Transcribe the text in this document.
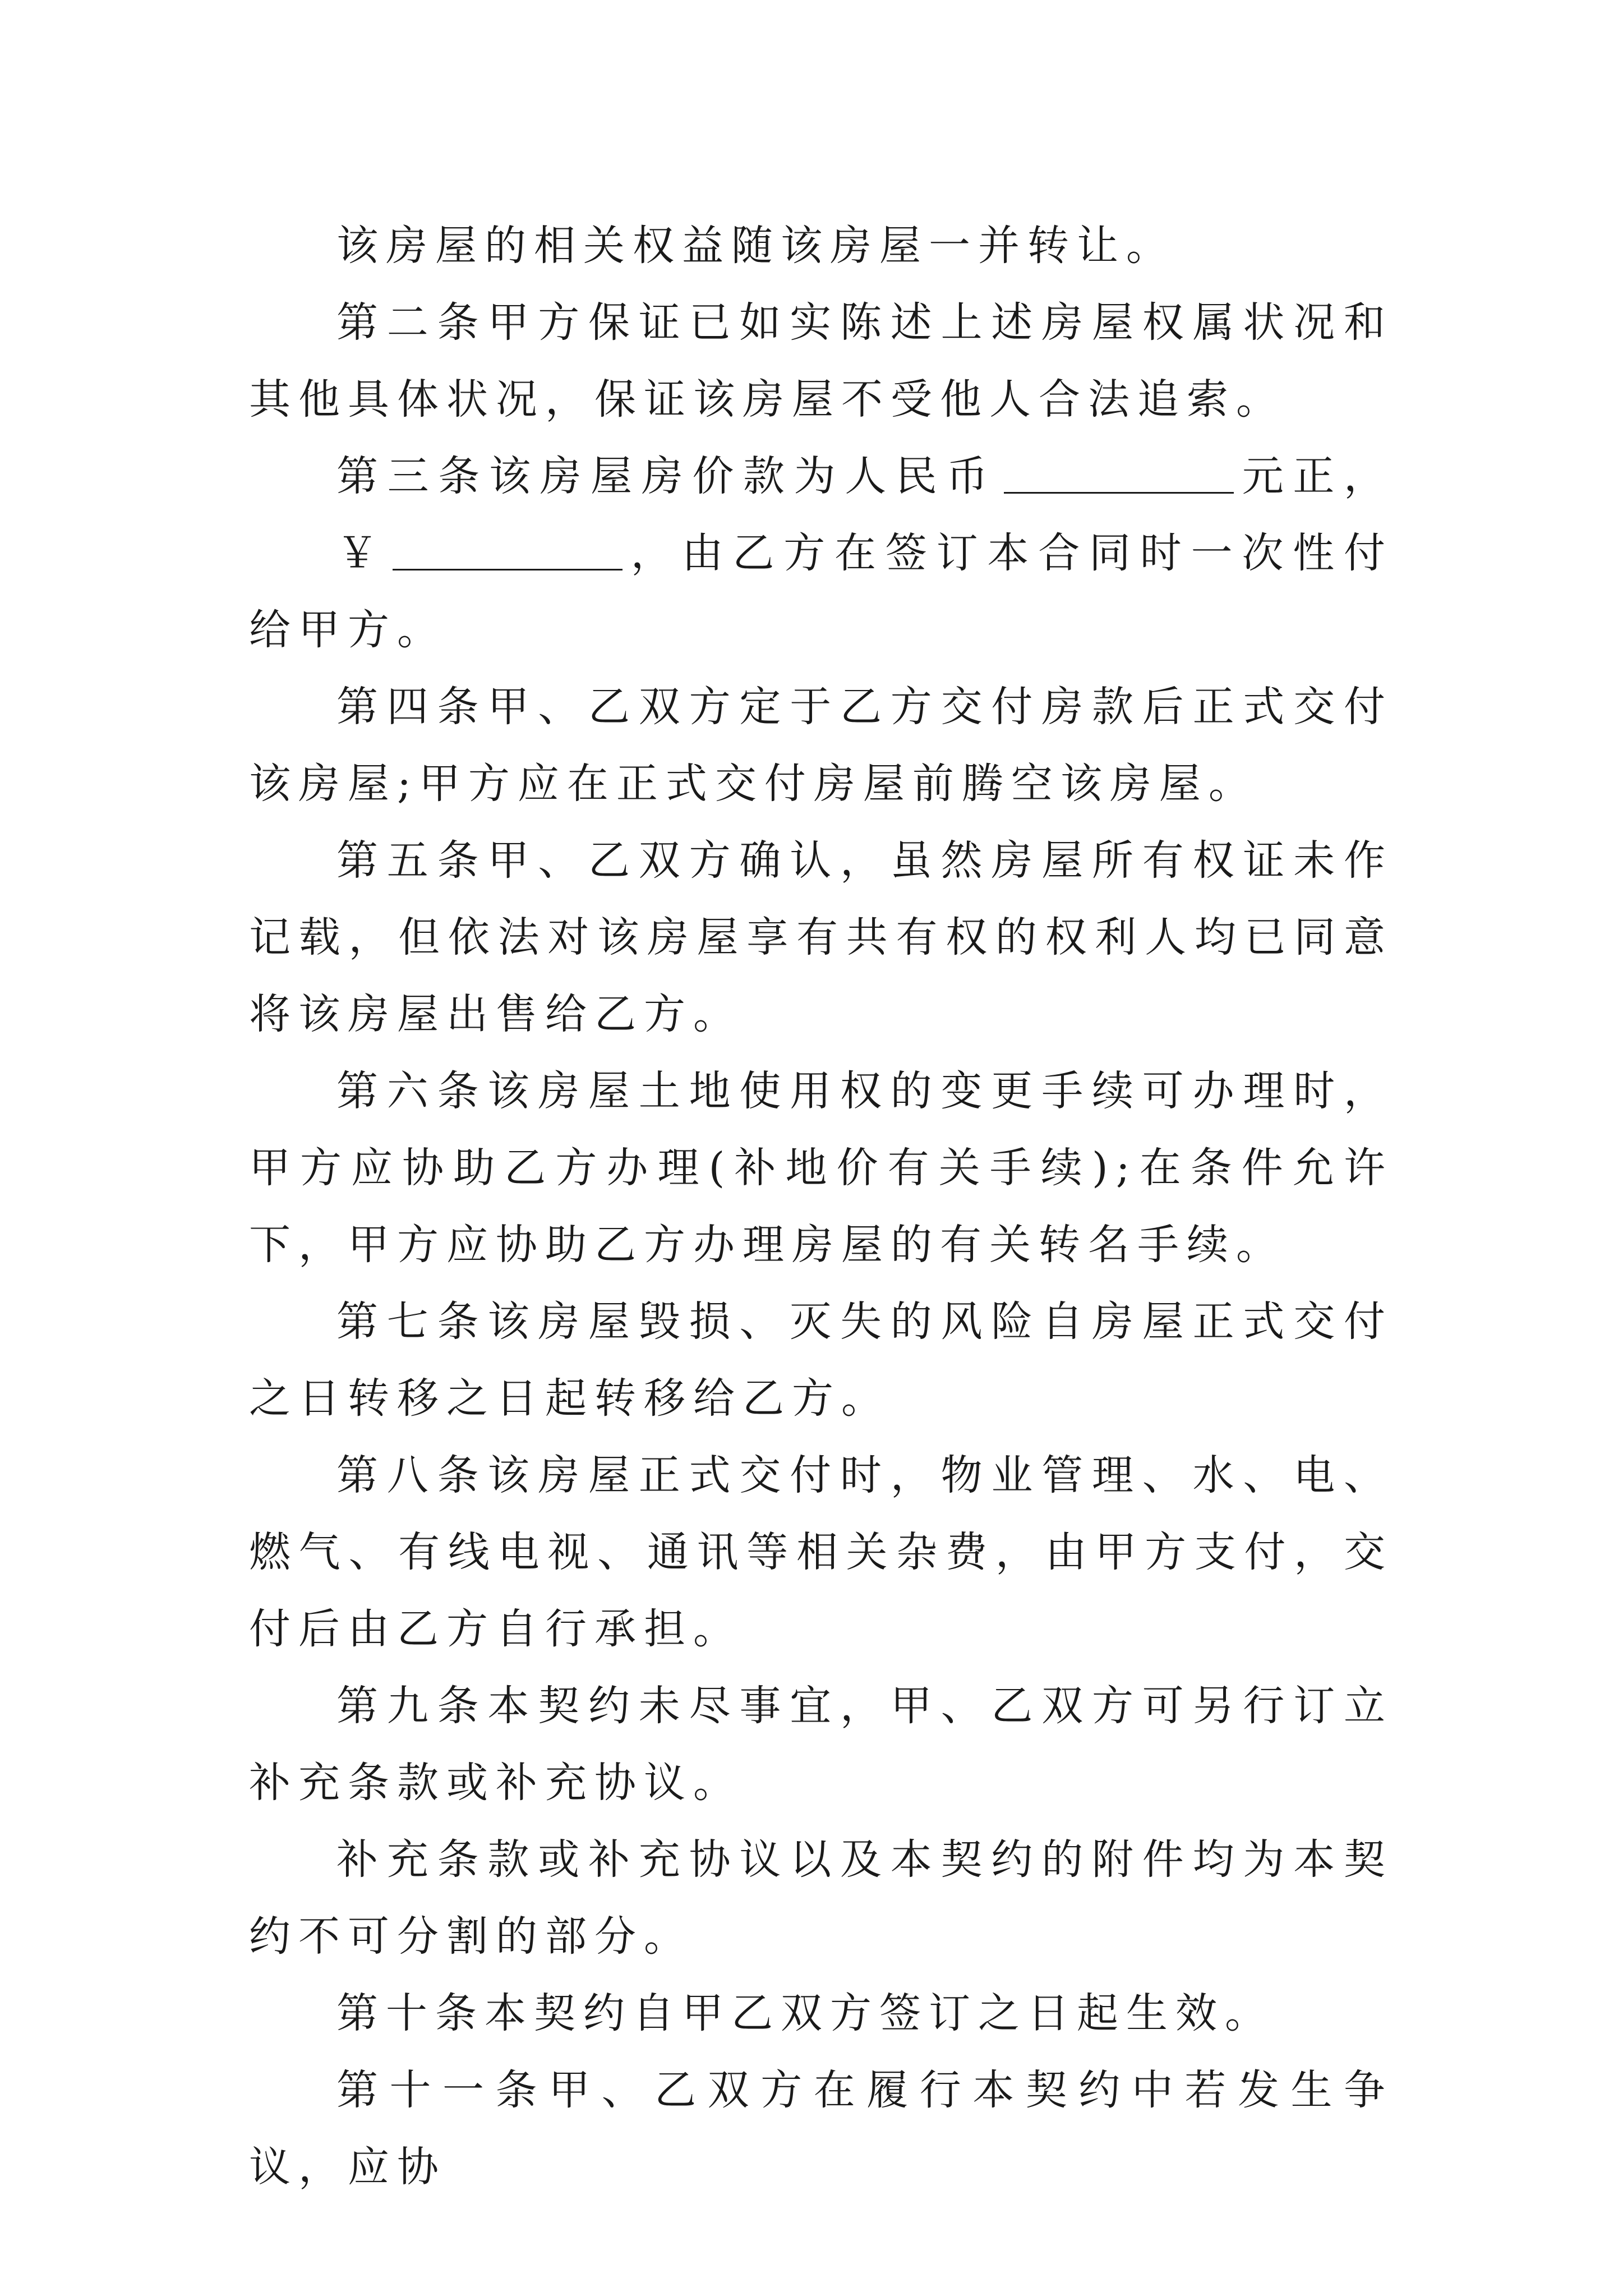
该房屋的相关权益随该房屋一并转让。

第二条甲方保证已如实陈述上述房屋权属状况和其他具体状况，保证该房屋不受他人合法追索。

第三条该房屋房价款为人民币	元正，￥	，由乙方在签订本合同时一次性付给甲方。

第四条甲、乙双方定于乙方交付房款后正式交付该房屋;甲方应在正式交付房屋前腾空该房屋。

第五条甲、乙双方确认，虽然房屋所有权证未作记载，但依法对该房屋享有共有权的权利人均已同意将该房屋出售给乙方。

第六条该房屋土地使用权的变更手续可办理时，甲方应协助乙方办理(补地价有关手续);在条件允许下，甲方应协助乙方办理房屋的有关转名手续。

第七条该房屋毁损、灭失的风险自房屋正式交付之日转移之日起转移给乙方。

第八条该房屋正式交付时，物业管理、水、电、燃气、有线电视、通讯等相关杂费，由甲方支付，交付后由乙方自行承担。

第九条本契约未尽事宜，甲、乙双方可另行订立补充条款或补充协议。

补充条款或补充协议以及本契约的附件均为本契约不可分割的部分。

第十条本契约自甲乙双方签订之日起生效。

第十一条甲、乙双方在履行本契约中若发生争议，应协
